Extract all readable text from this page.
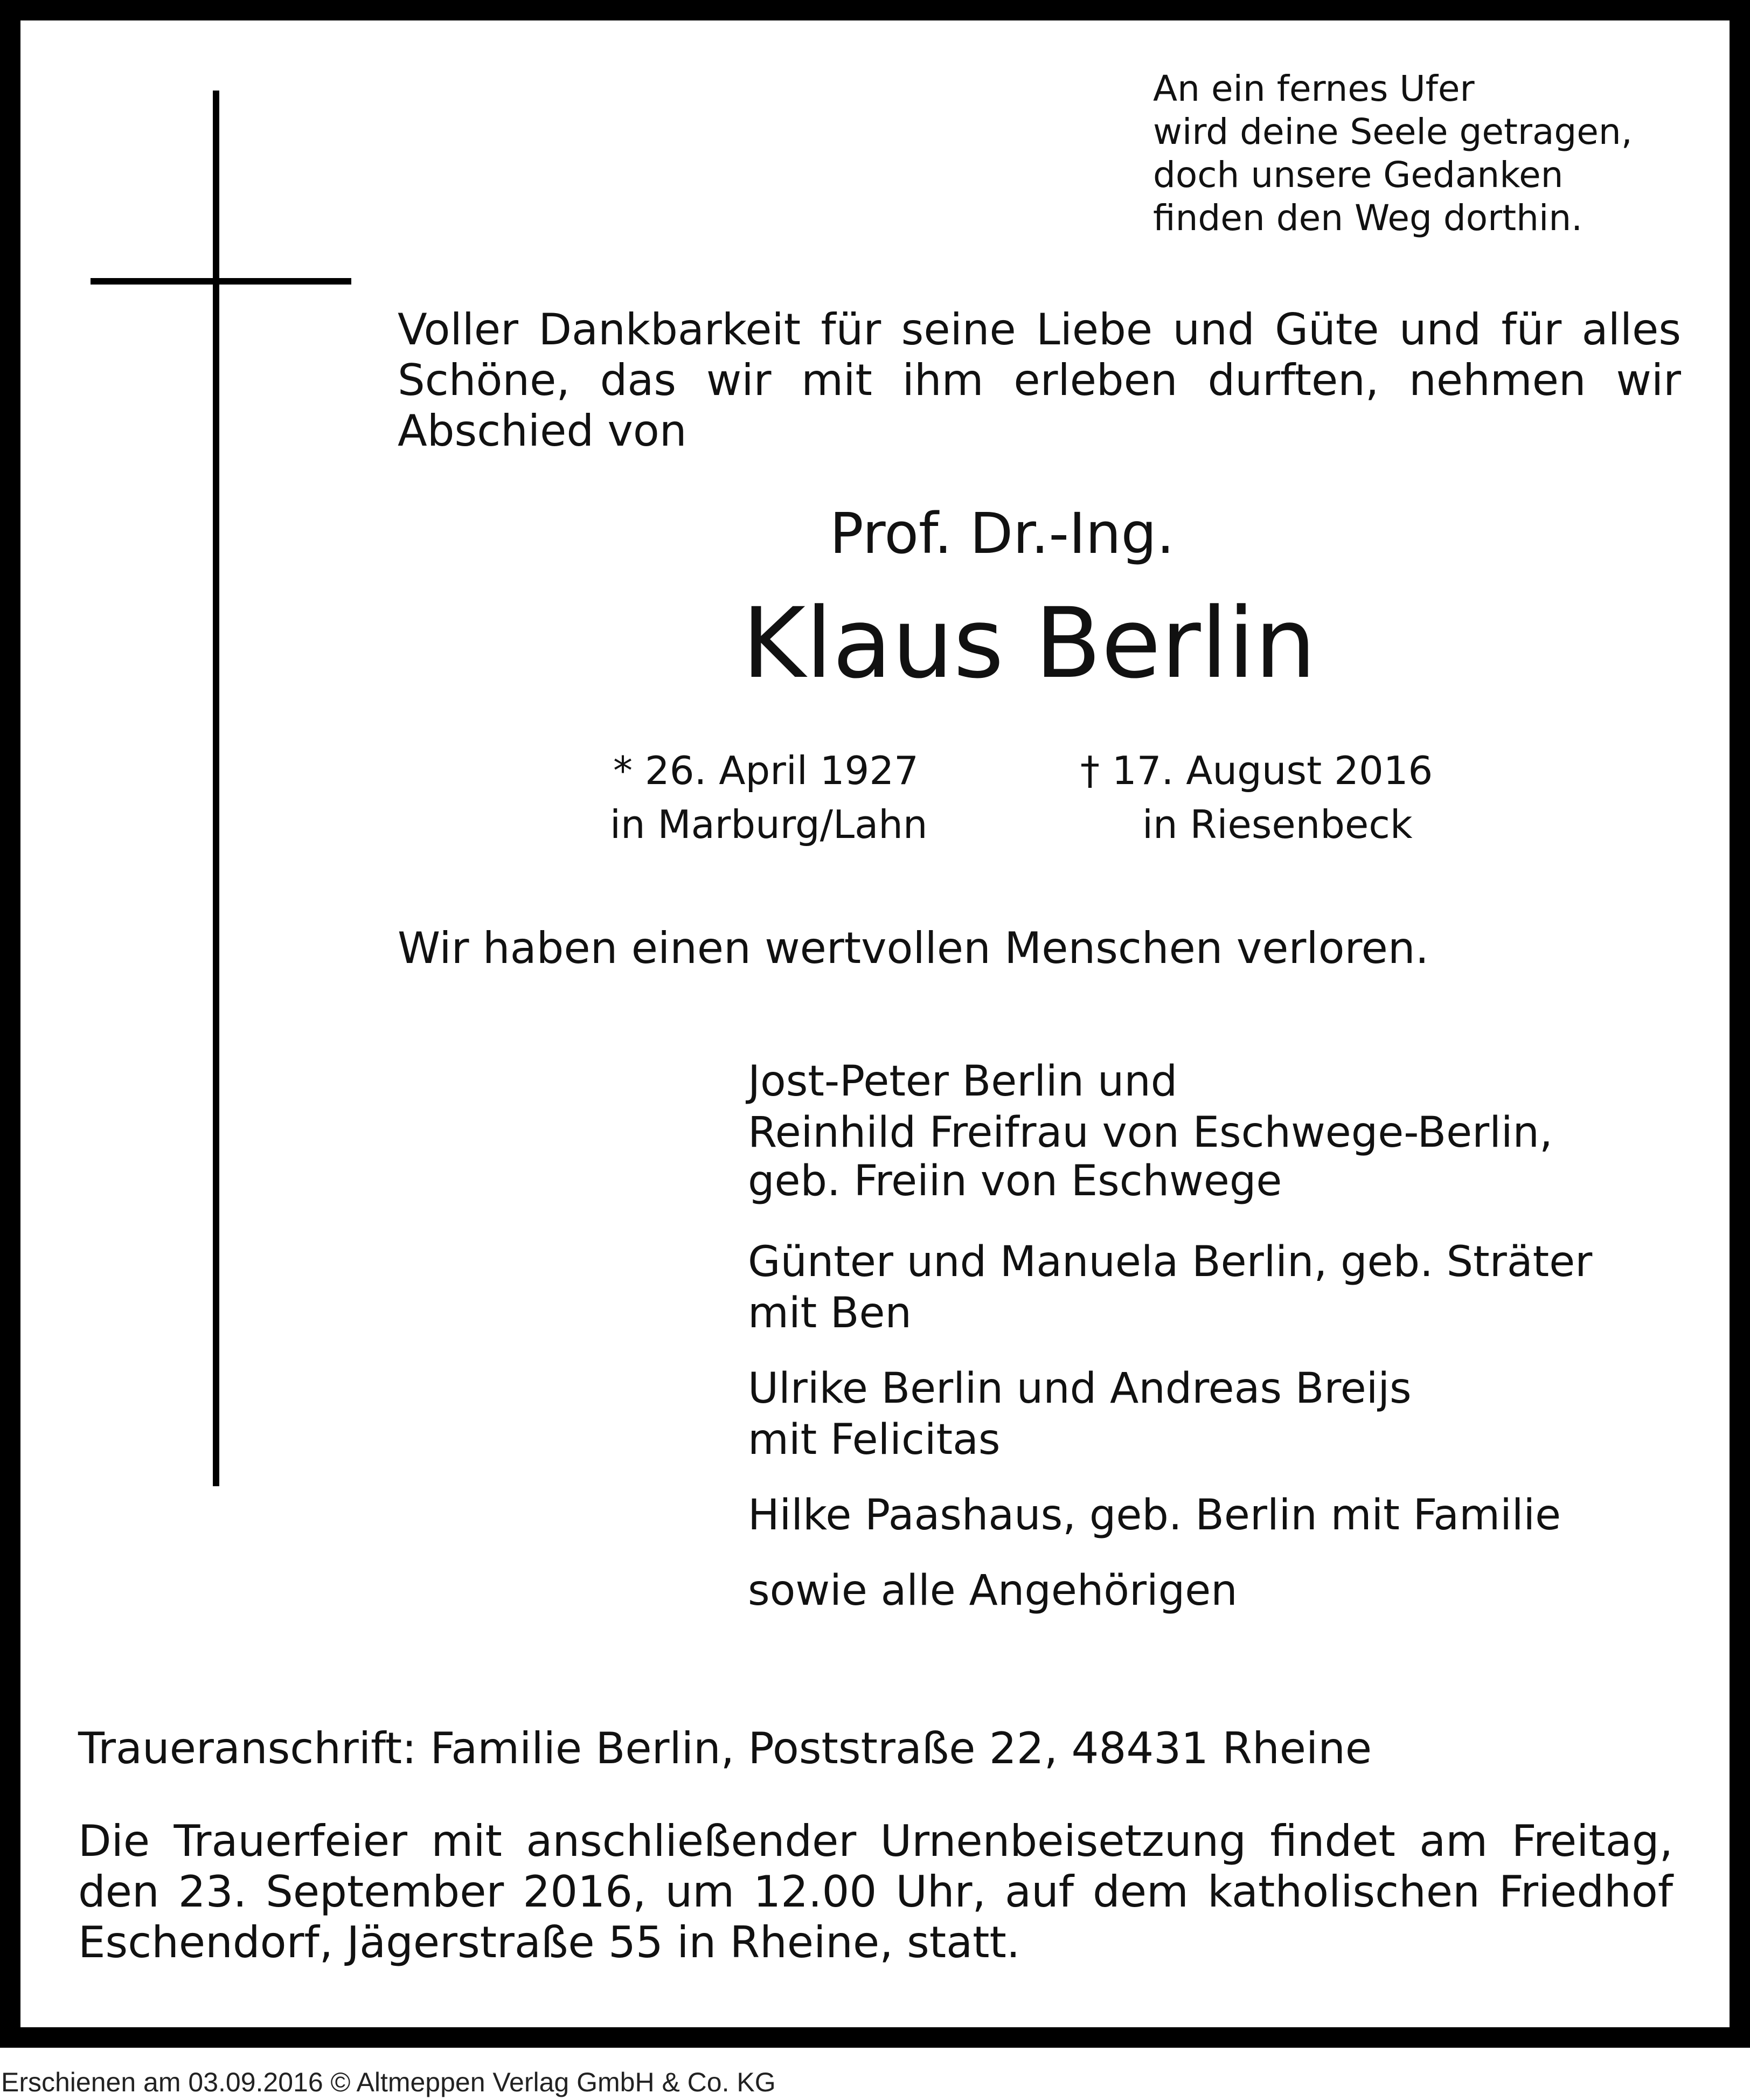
An ein fernes Ufer
wird deine Seele getragen,
doch unsere Gedanken
finden den Weg dorthin.

Voller Dankbarkeit für seine Liebe und Güte und für alles Schöne, das wir mit ihm erleben durften, nehmen wir Abschied von

Prof. Dr.-Ing.
Klaus Berlin
* 26. April 1927
in Marburg/Lahn
† 17. August 2016
in Riesenbeck
Wir haben einen wertvollen Menschen verloren.
Jost-Peter Berlin und
Reinhild Freifrau von Eschwege-Berlin,
geb. Freiin von Eschwege
Günter und Manuela Berlin, geb. Sträter
mit Ben
Ulrike Berlin und Andreas Breijs
mit Felicitas
Hilke Paashaus, geb. Berlin mit Familie
sowie alle Angehörigen
Traueranschrift: Familie Berlin, Poststraße 22, 48431 Rheine

Die Trauerfeier mit anschließender Urnenbeisetzung findet am Freitag, den 23. September 2016, um 12.00 Uhr, auf dem katholischen Friedhof Eschendorf, Jägerstraße 55 in Rheine, statt.

Erschienen am 03.09.2016 © Altmeppen Verlag GmbH & Co. KG
